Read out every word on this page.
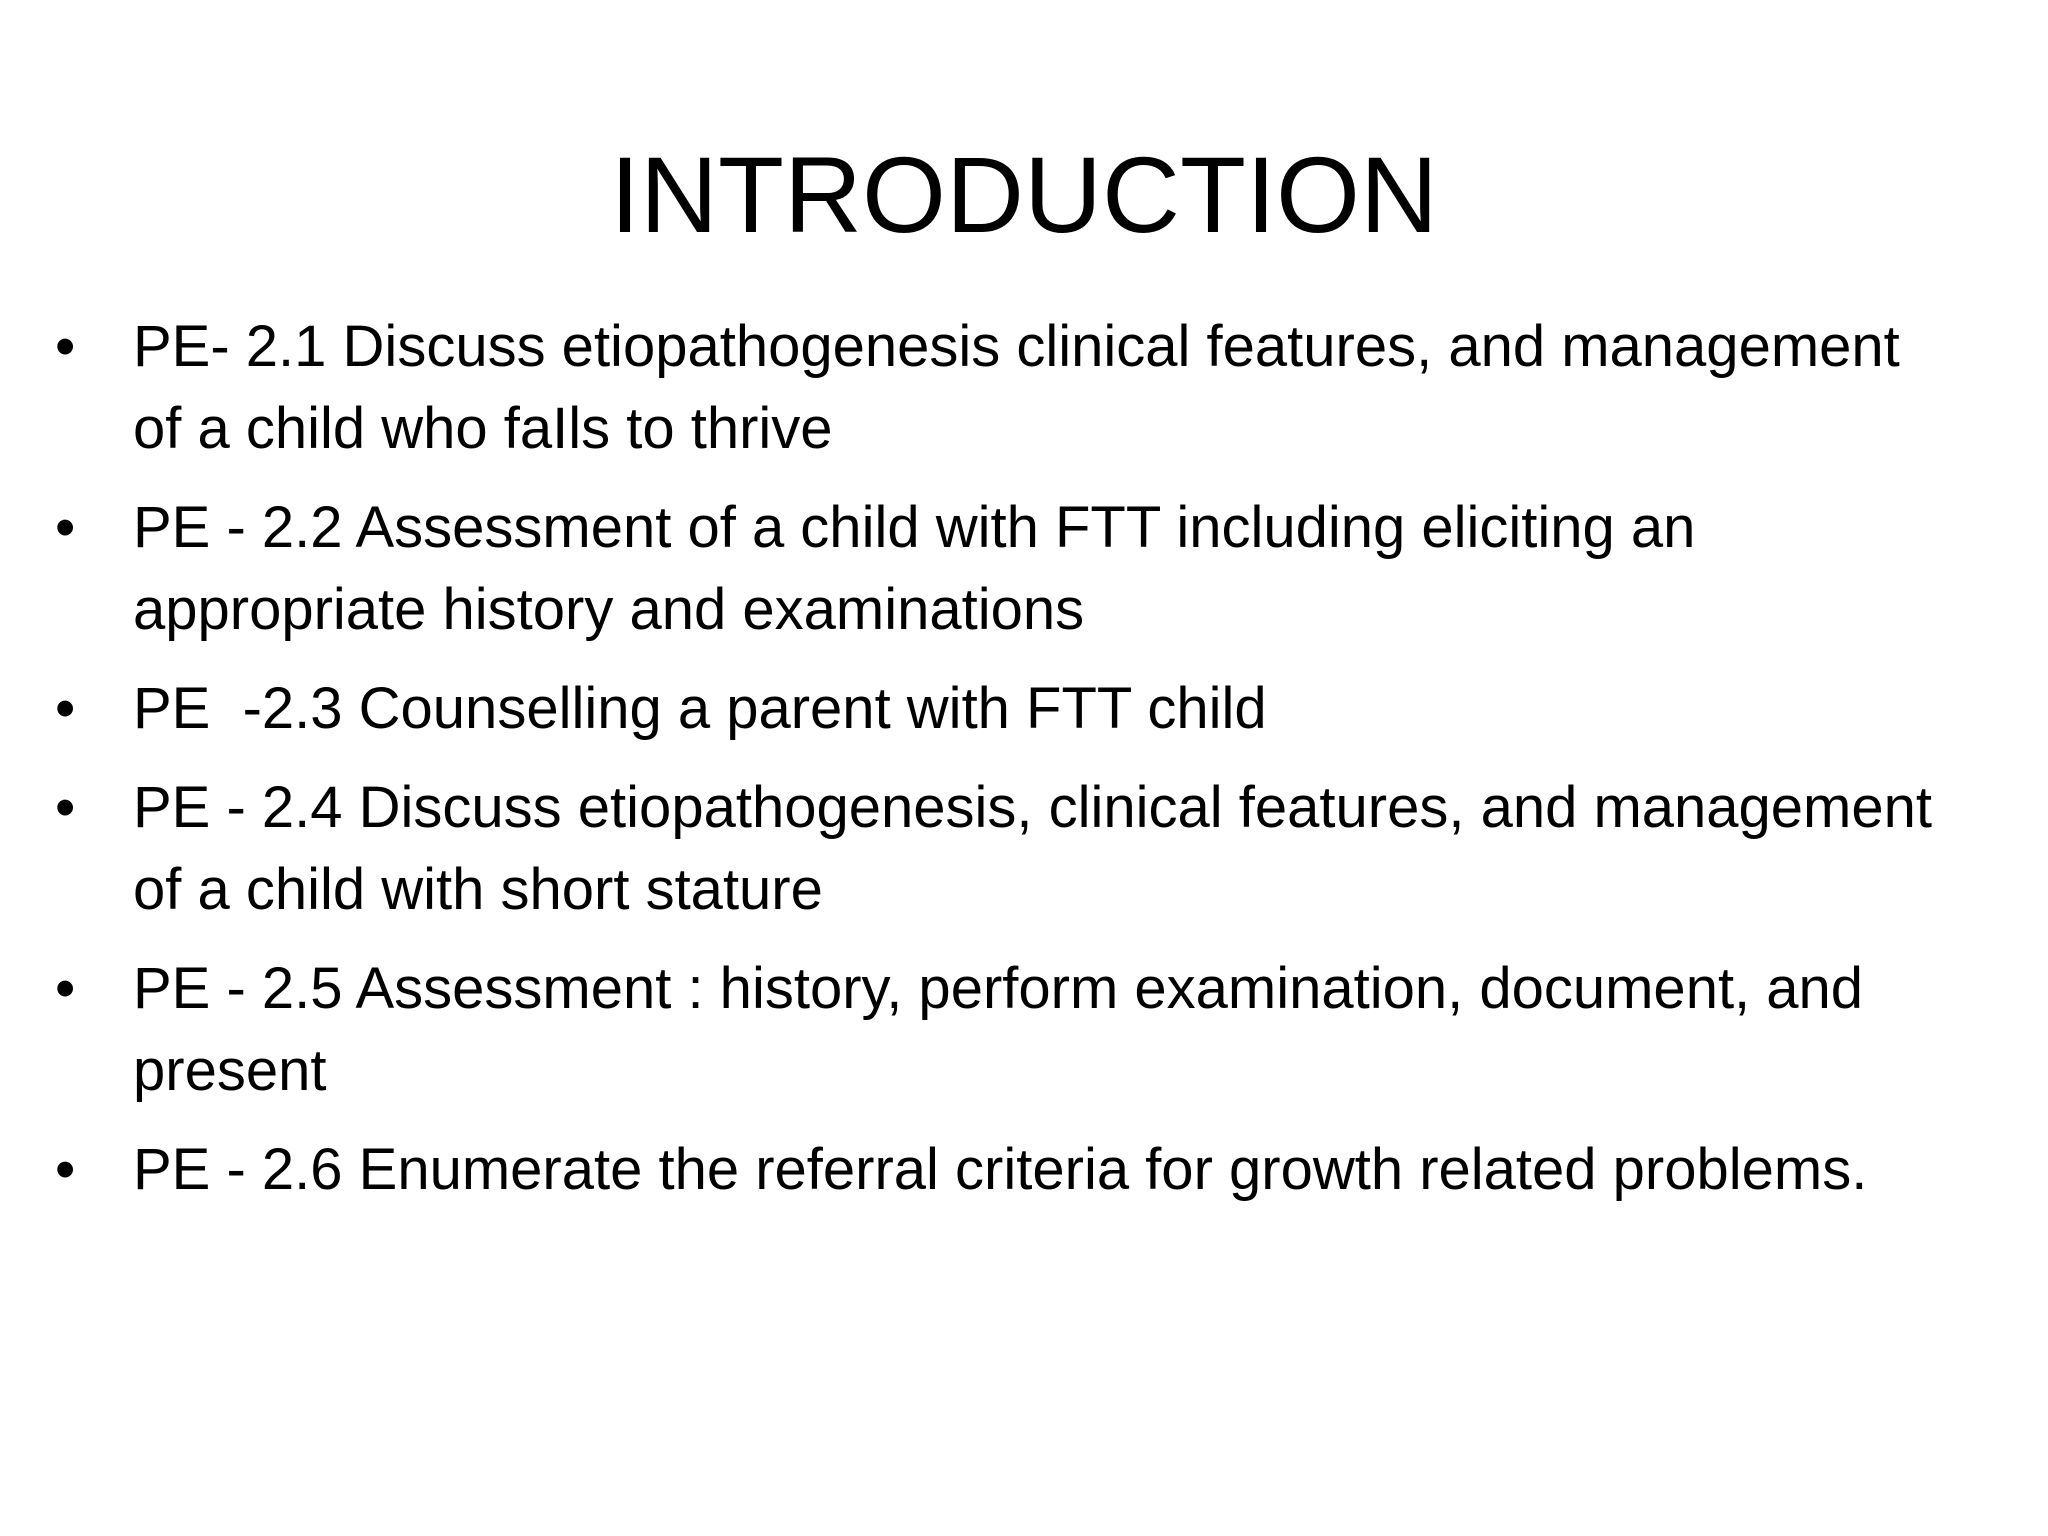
INTRODUCTION
• PE- 2.1 Discuss etiopathogenesis clinical features, and management of a child who faIls to thrive
• PE - 2.2 Assessment of a child with FTT including eliciting an appropriate history and examinations
• PE  -2.3 Counselling a parent with FTT child
• PE - 2.4 Discuss etiopathogenesis, clinical features, and management of a child with short stature
• PE - 2.5 Assessment : history, perform examination, document, and present
• PE - 2.6 Enumerate the referral criteria for growth related problems.
